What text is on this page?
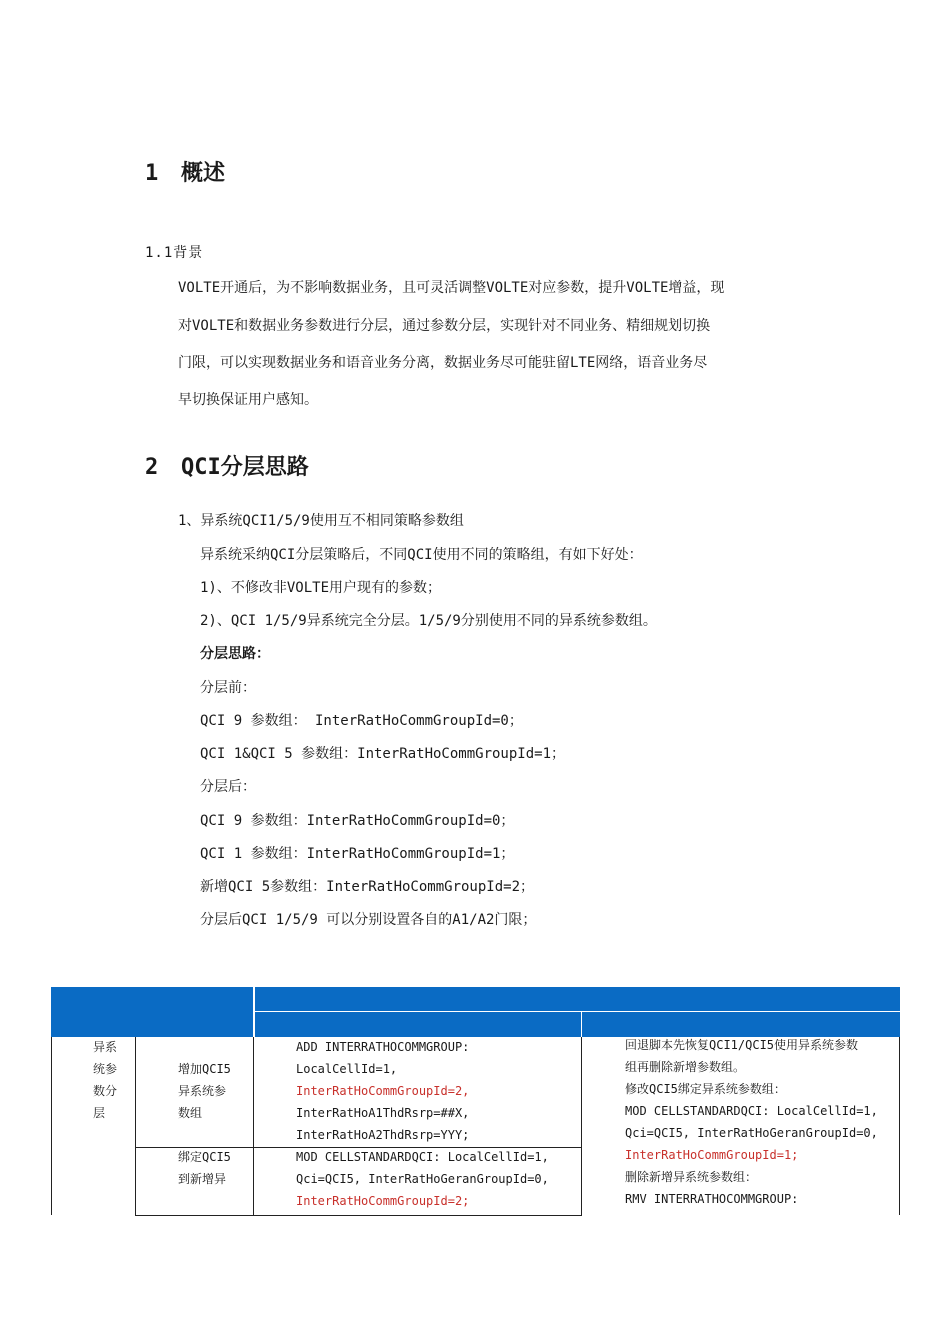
1 概述
1.1背景
VOLTE开通后，为不影响数据业务，且可灵活调整VOLTE对应参数，提升VOLTE增益，现
对VOLTE和数据业务参数进行分层，通过参数分层，实现针对不同业务、精细规划切换
门限，可以实现数据业务和语音业务分离，数据业务尽可能驻留LTE网络，语音业务尽
早切换保证用户感知。
2 QCI分层思路
1、异系统QCI1/5/9使用互不相同策略参数组
异系统采纳QCI分层策略后，不同QCI使用不同的策略组，有如下好处：
1)、不修改非VOLTE用户现有的参数；
2)、QCI 1/5/9异系统完全分层。1/5/9分别使用不同的异系统参数组。
分层思路：
分层前：
QCI 9 参数组： InterRatHoCommGroupId=0；
QCI 1&QCI 5 参数组：InterRatHoCommGroupId=1；
分层后：
QCI 9 参数组：InterRatHoCommGroupId=0；
QCI 1 参数组：InterRatHoCommGroupId=1；
新增QCI 5参数组：InterRatHoCommGroupId=2；
分层后QCI 1/5/9 可以分别设置各自的A1/A2门限；
异系
统参
数分
层
增加QCI5
异系统参
数组
ADD INTERRATHOCOMMGROUP:
LocalCellId=1,
InterRatHoCommGroupId=2,
InterRatHoA1ThdRsrp=##X,
InterRatHoA2ThdRsrp=YYY;
绑定QCI5
到新增异
MOD CELLSTANDARDQCI: LocalCellId=1,
Qci=QCI5, InterRatHoGeranGroupId=0,
InterRatHoCommGroupId=2;
回退脚本先恢复QCI1/QCI5使用异系统参数
组再删除新增参数组。
修改QCI5绑定异系统参数组：
MOD CELLSTANDARDQCI: LocalCellId=1,
Qci=QCI5, InterRatHoGeranGroupId=0,
InterRatHoCommGroupId=1;
删除新增异系统参数组：
RMV INTERRATHOCOMMGROUP:
